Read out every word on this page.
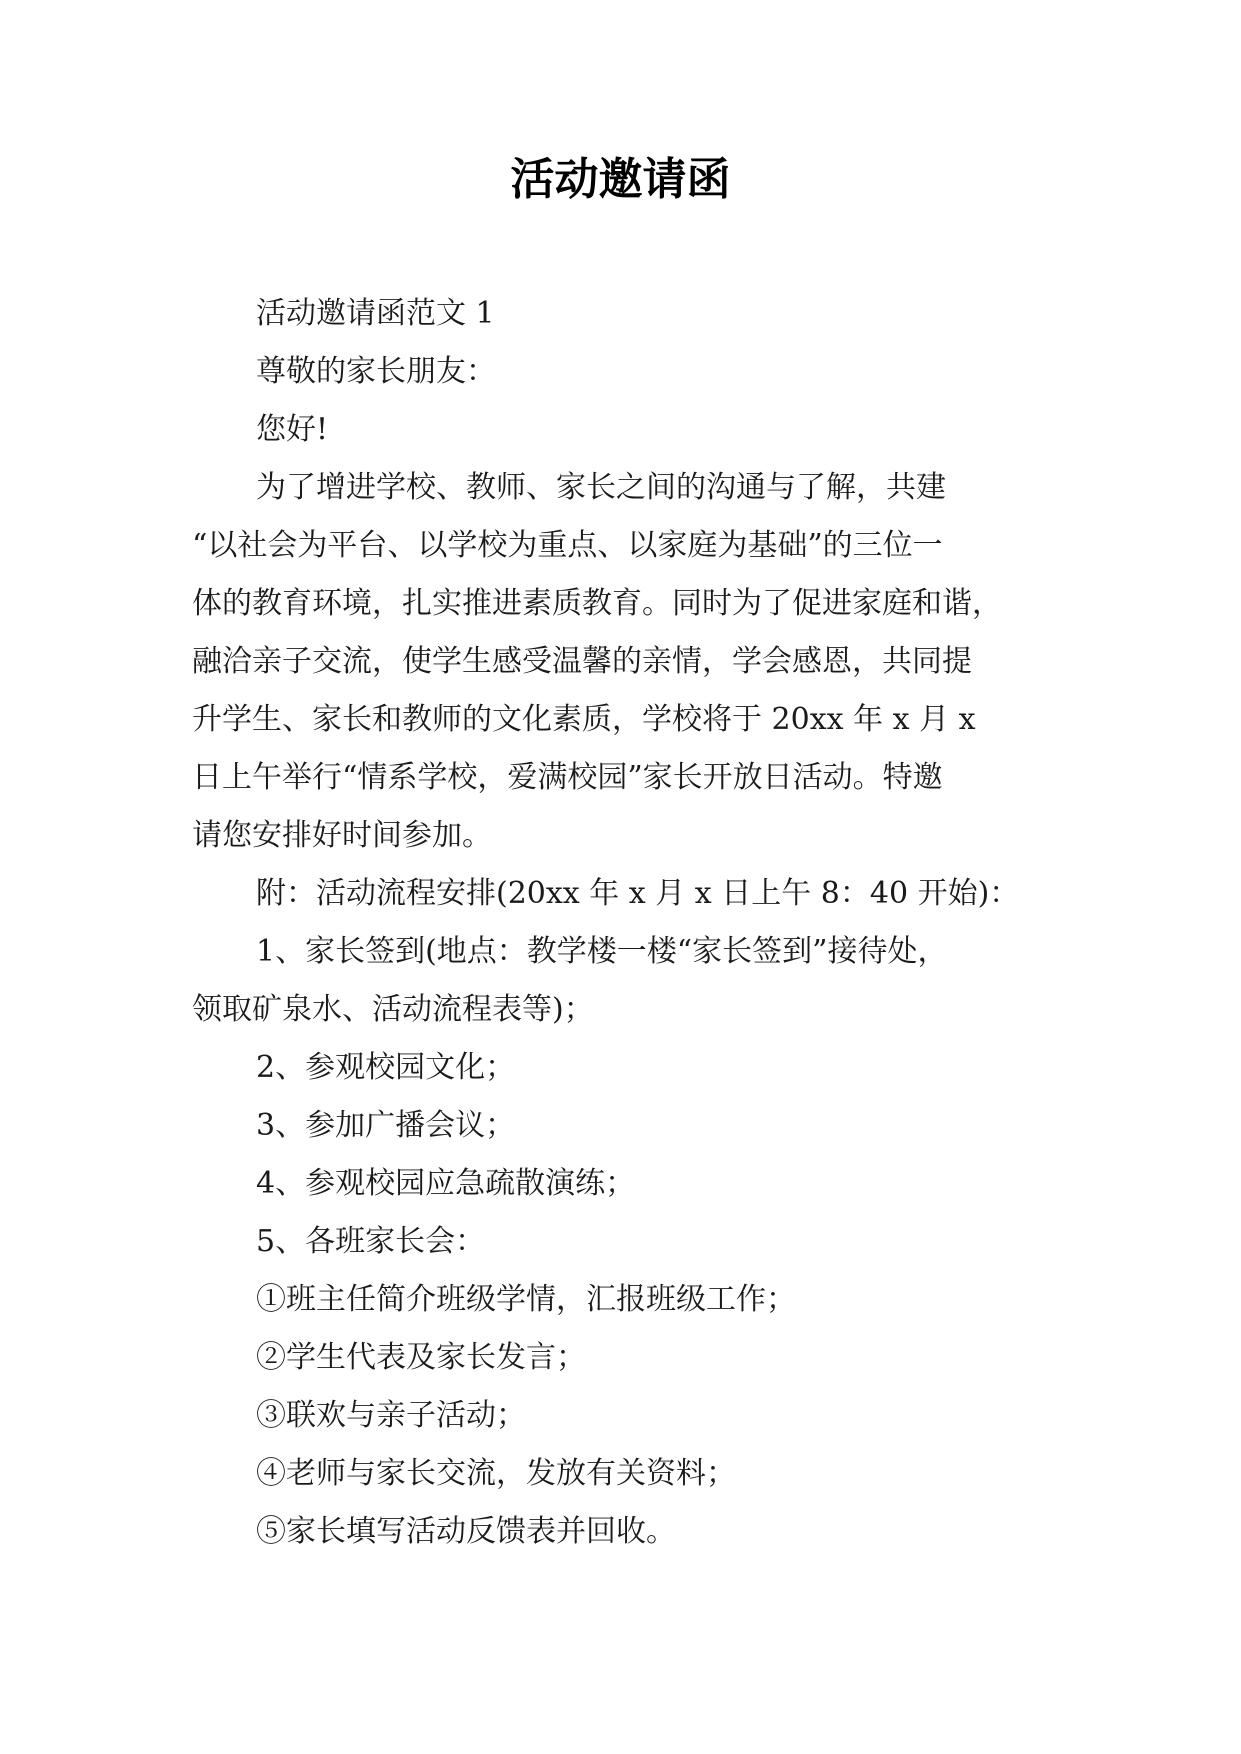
活动邀请函

活动邀请函范文 1

尊敬的家长朋友：

您好!

为了增进学校、教师、家长之间的沟通与了解，共建

“以社会为平台、以学校为重点、以家庭为基础”的三位一

体的教育环境，扎实推进素质教育。同时为了促进家庭和谐，

融洽亲子交流，使学生感受温馨的亲情，学会感恩，共同提

升学生、家长和教师的文化素质，学校将于 20xx 年 x 月 x

日上午举行“情系学校，爱满校园”家长开放日活动。特邀

请您安排好时间参加。

附：活动流程安排(20xx 年 x 月 x 日上午 8：40 开始)：

1、家长签到(地点：教学楼一楼“家长签到”接待处，

领取矿泉水、活动流程表等)；

2、参观校园文化；

3、参加广播会议；

4、参观校园应急疏散演练；

5、各班家长会：

①班主任简介班级学情，汇报班级工作；

②学生代表及家长发言；

③联欢与亲子活动；

④老师与家长交流，发放有关资料；

⑤家长填写活动反馈表并回收。
